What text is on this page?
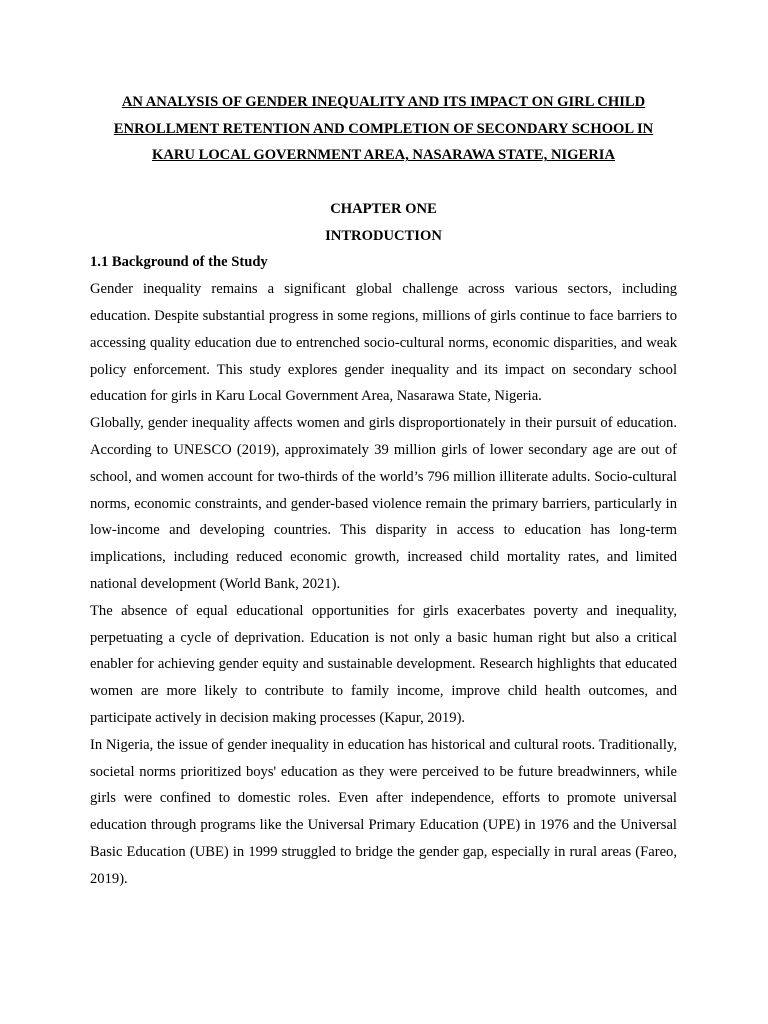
AN ANALYSIS OF GENDER INEQUALITY AND ITS IMPACT ON GIRL CHILD
ENROLLMENT RETENTION AND COMPLETION OF SECONDARY SCHOOL IN
KARU LOCAL GOVERNMENT AREA, NASARAWA STATE, NIGERIA
CHAPTER ONE
INTRODUCTION
1.1 Background of the Study

Gender inequality remains a significant global challenge across various sectors, including education. Despite substantial progress in some regions, millions of girls continue to face barriers to accessing quality education due to entrenched socio-cultural norms, economic disparities, and weak policy enforcement. This study explores gender inequality and its impact on secondary school education for girls in Karu Local Government Area, Nasarawa State, Nigeria.

Globally, gender inequality affects women and girls disproportionately in their pursuit of education. According to UNESCO (2019), approximately 39 million girls of lower secondary age are out of school, and women account for two-thirds of the world’s 796 million illiterate adults. Socio-cultural norms, economic constraints, and gender-based violence remain the primary barriers, particularly in low-income and developing countries. This disparity in access to education has long-term implications, including reduced economic growth, increased child mortality rates, and limited national development (World Bank, 2021).

The absence of equal educational opportunities for girls exacerbates poverty and inequality, perpetuating a cycle of deprivation. Education is not only a basic human right but also a critical enabler for achieving gender equity and sustainable development. Research highlights that educated women are more likely to contribute to family income, improve child health outcomes, and participate actively in decision making processes (Kapur, 2019).

In Nigeria, the issue of gender inequality in education has historical and cultural roots. Traditionally, societal norms prioritized boys' education as they were perceived to be future breadwinners, while girls were confined to domestic roles. Even after independence, efforts to promote universal education through programs like the Universal Primary Education (UPE) in 1976 and the Universal Basic Education (UBE) in 1999 struggled to bridge the gender gap, especially in rural areas (Fareo, 2019).
